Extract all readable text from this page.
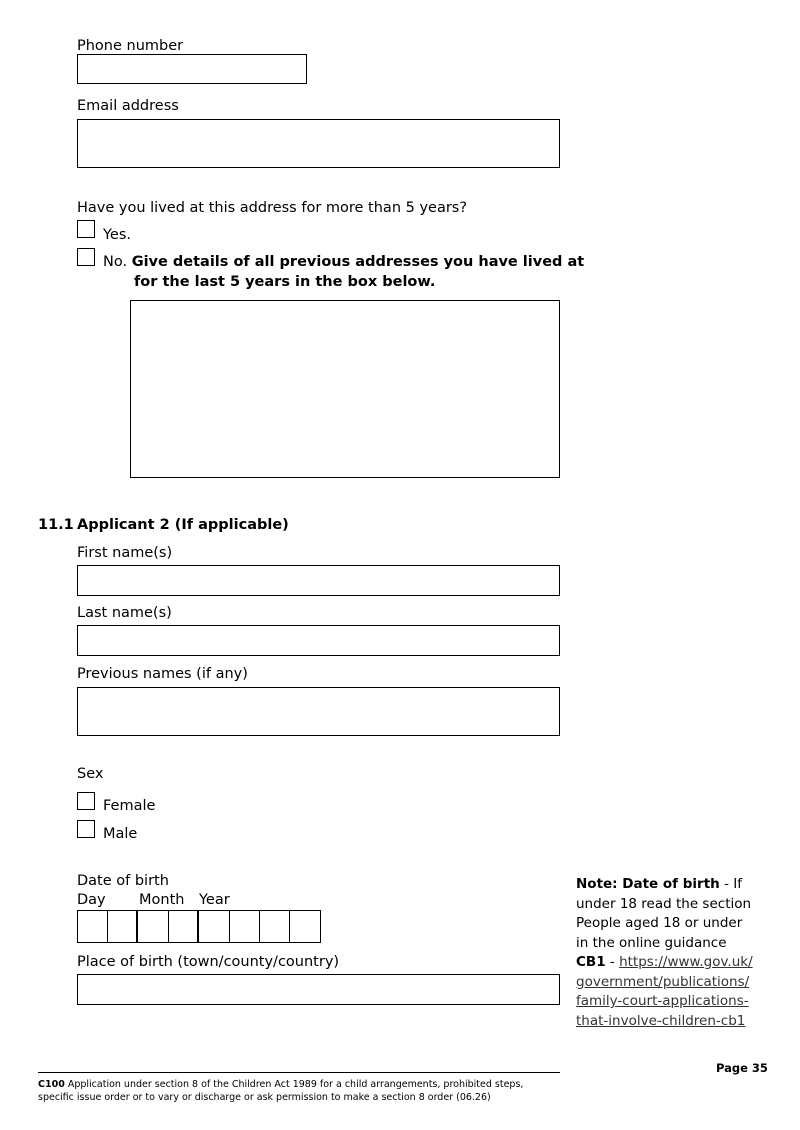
Phone number
Email address
Have you lived at this address for more than 5 years?
Yes.
No. Give details of all previous addresses you have lived at
for the last 5 years in the box below.
11.1 Applicant 2 (If applicable)
First name(s)
Last name(s)
Previous names (if any)
Sex
Female
Male
Date of birth
Day Month Year
Place of birth (town/county/country)
Note: Date of birth - If
under 18 read the section
People aged 18 or under
in the online guidance
CB1 - https://www.gov.uk/
government/publications/
family-court-applications-
that-involve-children-cb1
Page 35
C100 Application under section 8 of the Children Act 1989 for a child arrangements, prohibited steps,
specific issue order or to vary or discharge or ask permission to make a section 8 order (06.26)
